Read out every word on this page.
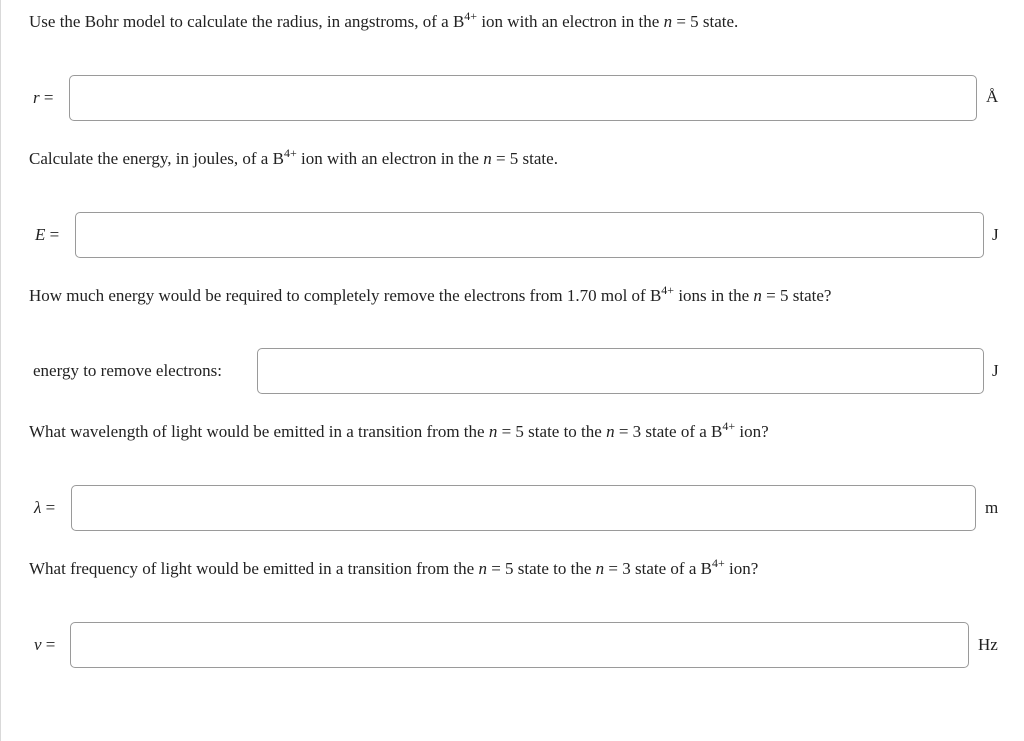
Use the Bohr model to calculate the radius, in angstroms, of a $B^{4+}$ ion with an electron in the n = 5 state.
r =	Å
Calculate the energy, in joules, of a $B^{4+}$ ion with an electron in the n = 5 state.
E =	J
How much energy would be required to completely remove the electrons from 1.70 mol of $B^{4+}$ ions in the n = 5 state?
energy to remove electrons:	J
What wavelength of light would be emitted in a transition from the n = 5 state to the n = 3 state of a $B^{4+}$ ion?
λ =	m
What frequency of light would be emitted in a transition from the n = 5 state to the n = 3 state of a $B^{4+}$ ion?
ν =	Hz
